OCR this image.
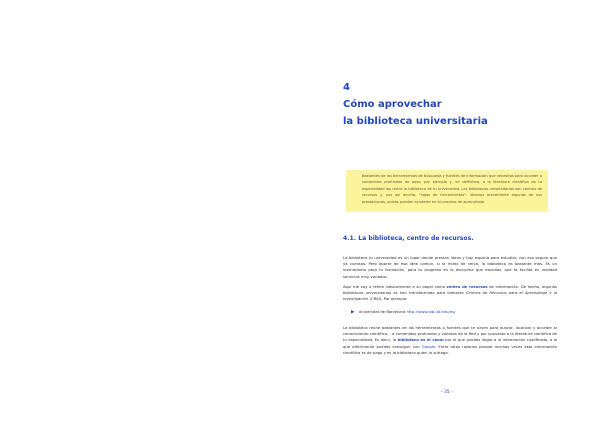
4
Cómo aprovechar
la biblioteca universitaria

Bastantes de las herramientas de búsqueda y fuentes de información que necesitas para acceder a contenidos profundos de peso, por ejemplo y, en definitiva, a la literatura científica de tu especialidad las reúne la biblioteca de tu universidad. Las bibliotecas universitarias son centros de recursos y, por así decirlo, "cajas de herramientas". Veamos brevemente algunas de sus prestaciones, quizás puedan ayudarte en tu proceso de aprendizaje.

4.1. La biblioteca, centro de recursos.

La biblioteca tu universidad es un lugar donde prestan libros y hay espacio para estudiar, con eso seguro que ya cuentas. Pero aparte de esa idea común, si la miras de cerca, la biblioteca es bastante más. Es un instrumento para tu formación, para tu progreso en la disciplina que estudias, que te facilita en realidad servicios muy variados.

Aquí me voy a referir básicamente a su papel como centro de recursos de información. De hecho, algunas bibliotecas universitarias se han transformado para llamarse Centros de Recursos para el Aprendizaje y la Investigación (CRAI). Por ejemplo:

▶ Universitat de Barcelona http://www.bib.ub.edu/es/

La biblioteca reúne bastantes de las herramientas o fuentes que te sirven para buscar, localizar y acceder al conocimiento científico… a contenidos profundos y valiosos de la Red y por supuesto a la literatura científica de tu especialidad. Es decir, la biblioteca es el canal por el que puedes llegar a la información cualificada, a lo que difícilmente puedes conseguir con Google. Entre otras razones porque muchas veces esta información científica es de pago y es la biblioteca quien la sufraga.

- 35 -
